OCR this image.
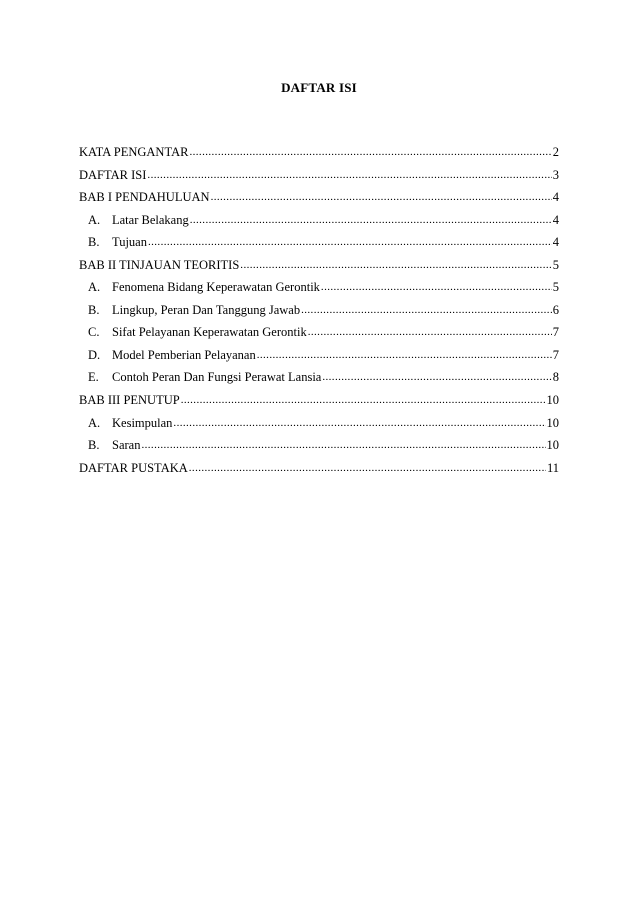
DAFTAR ISI
KATA PENGANTAR .....	2
DAFTAR ISI .....	3
BAB I PENDAHULUAN .....	4
A. Latar Belakang .....	4
B.	Tujuan .....	4
BAB II TINJAUAN TEORITIS .....	5
A. Fenomena Bidang Keperawatan Gerontik .....	5
B.	Lingkup, Peran Dan Tanggung Jawab .....	6
C.	Sifat Pelayanan Keperawatan Gerontik .....	7
D. Model Pemberian Pelayanan .....	7
E.	Contoh Peran Dan Fungsi Perawat Lansia .....	8
BAB III PENUTUP .....	10
A. Kesimpulan .....	10
B.	Saran .....	10
DAFTAR PUSTAKA .....	11
